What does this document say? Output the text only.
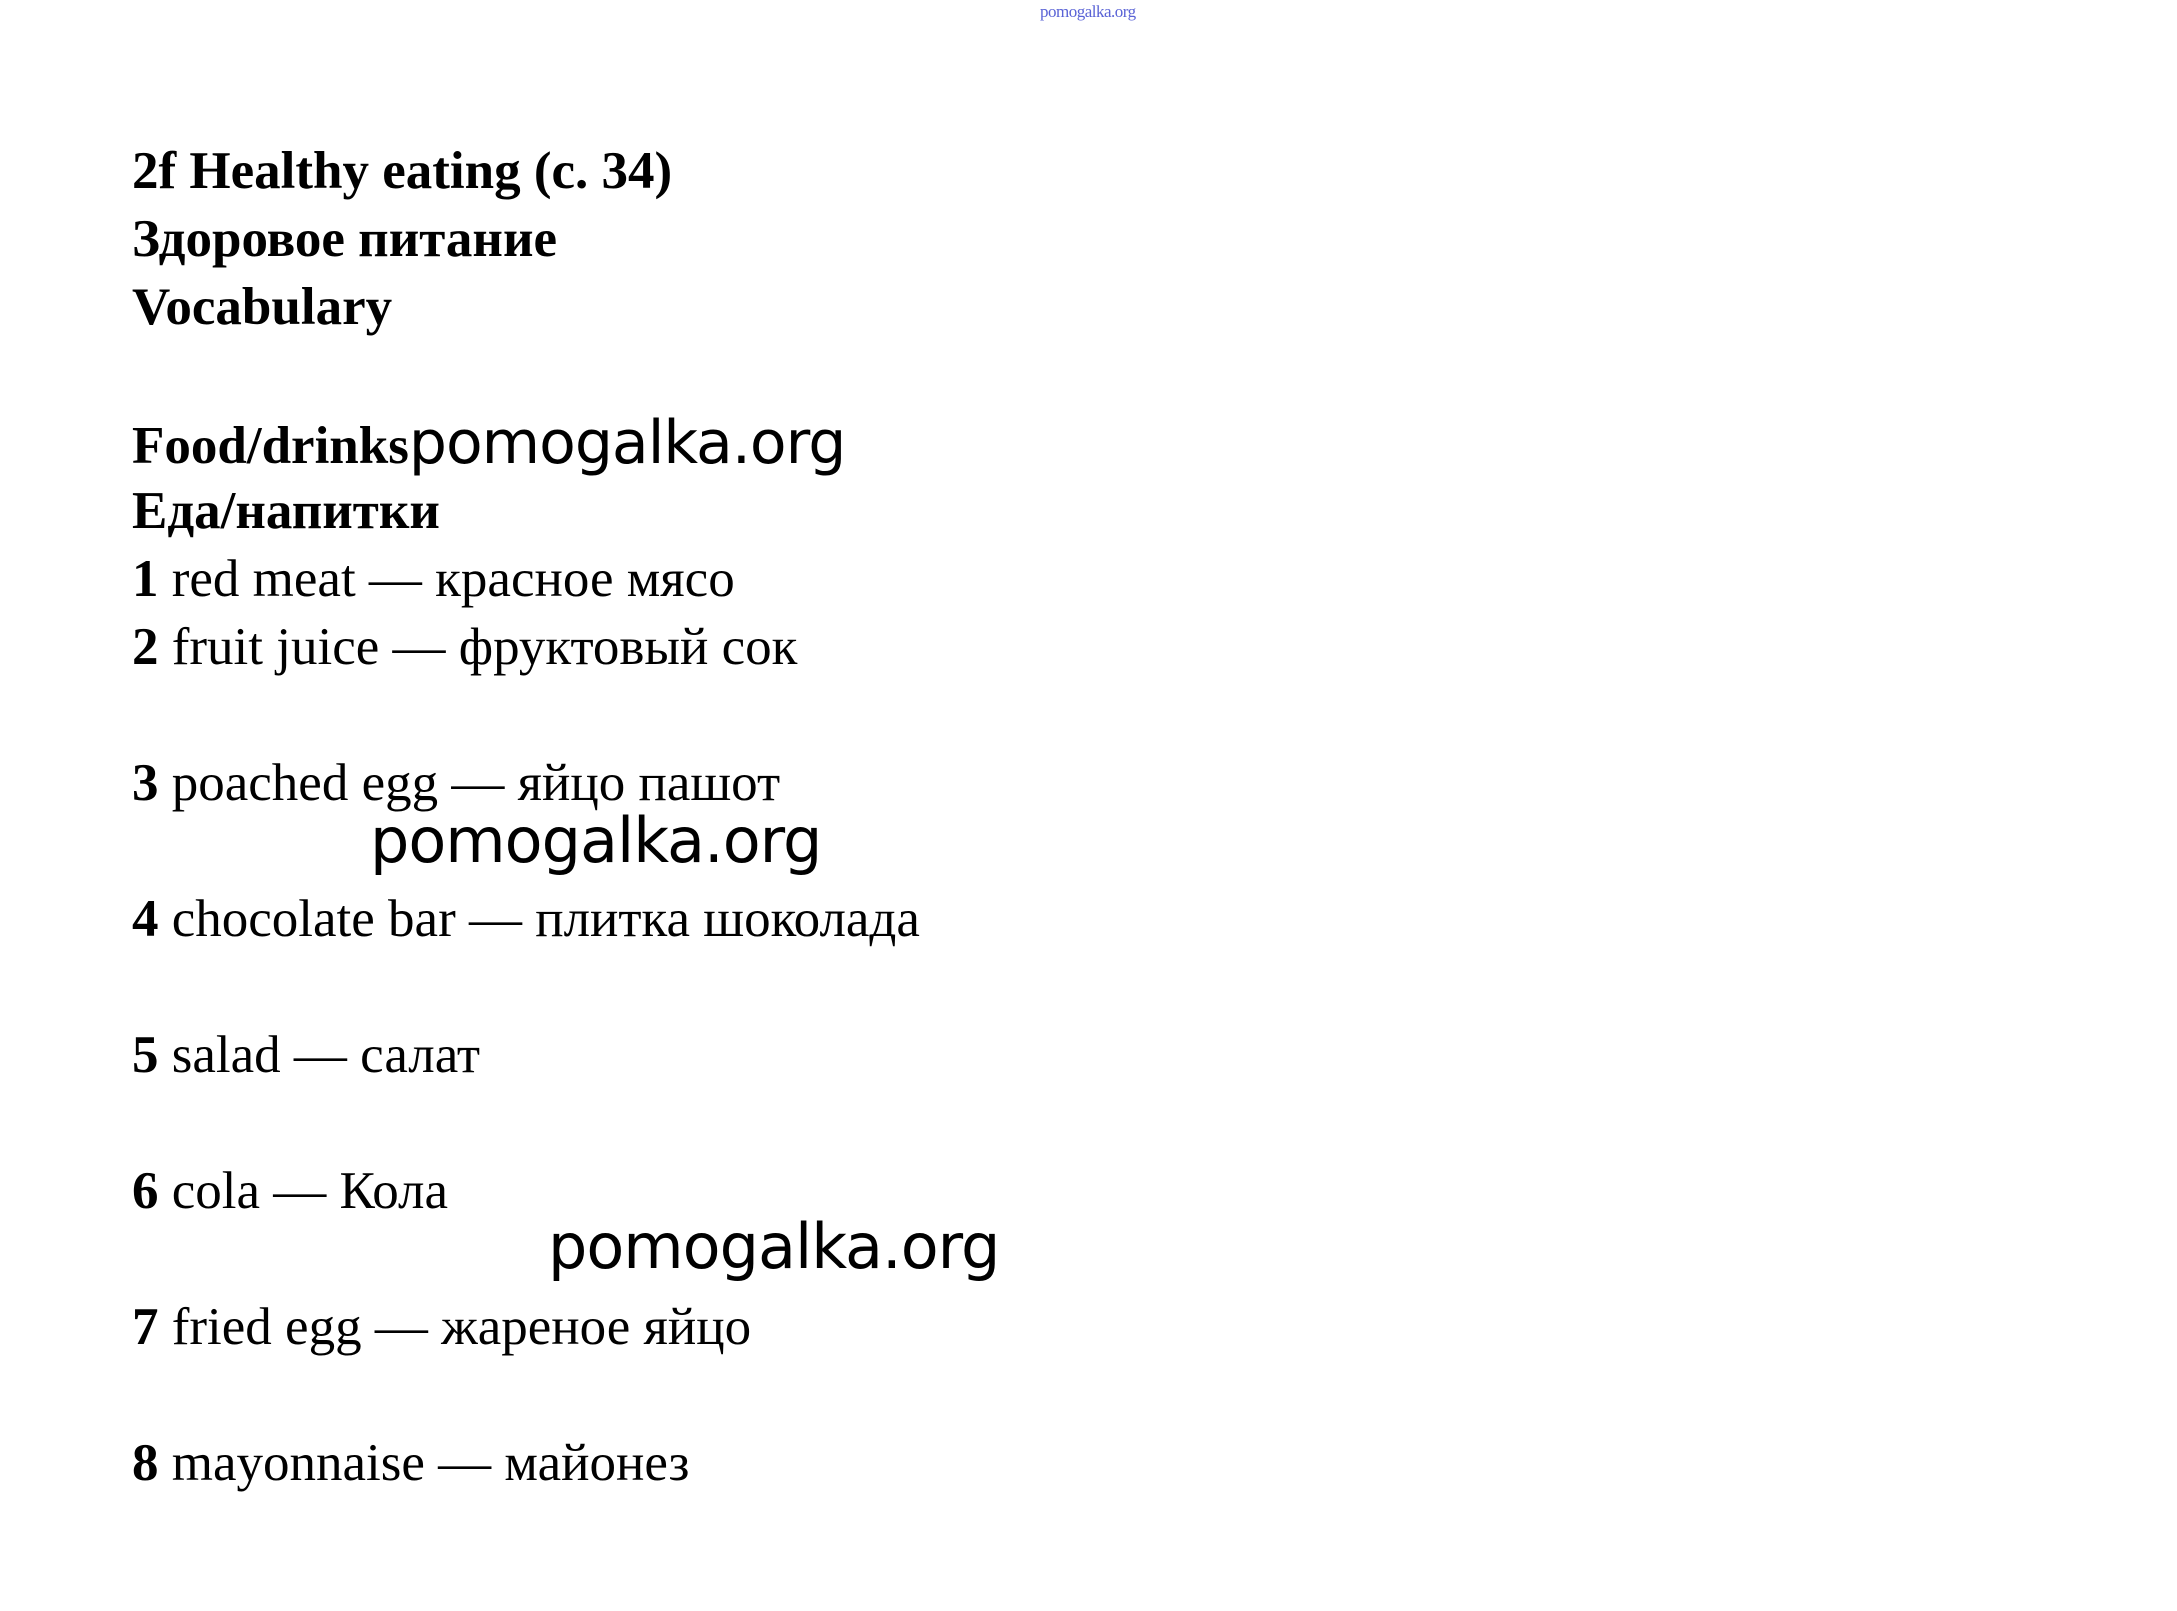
pomogalka.org
2f Healthy eating (с. 34)
Здоровое питание
Vocabulary
Food/drinkspomogalka.org
Еда/напитки
1 red meat — красное мясо
2 fruit juice — фруктовый сок
3 poached egg — яйцо пашот
pomogalka.org
4 chocolate bar — плитка шоколада
5 salad — салат
6 cola — Кола
pomogalka.org
7 fried egg — жареное яйцо
8 mayonnaise — майонез
